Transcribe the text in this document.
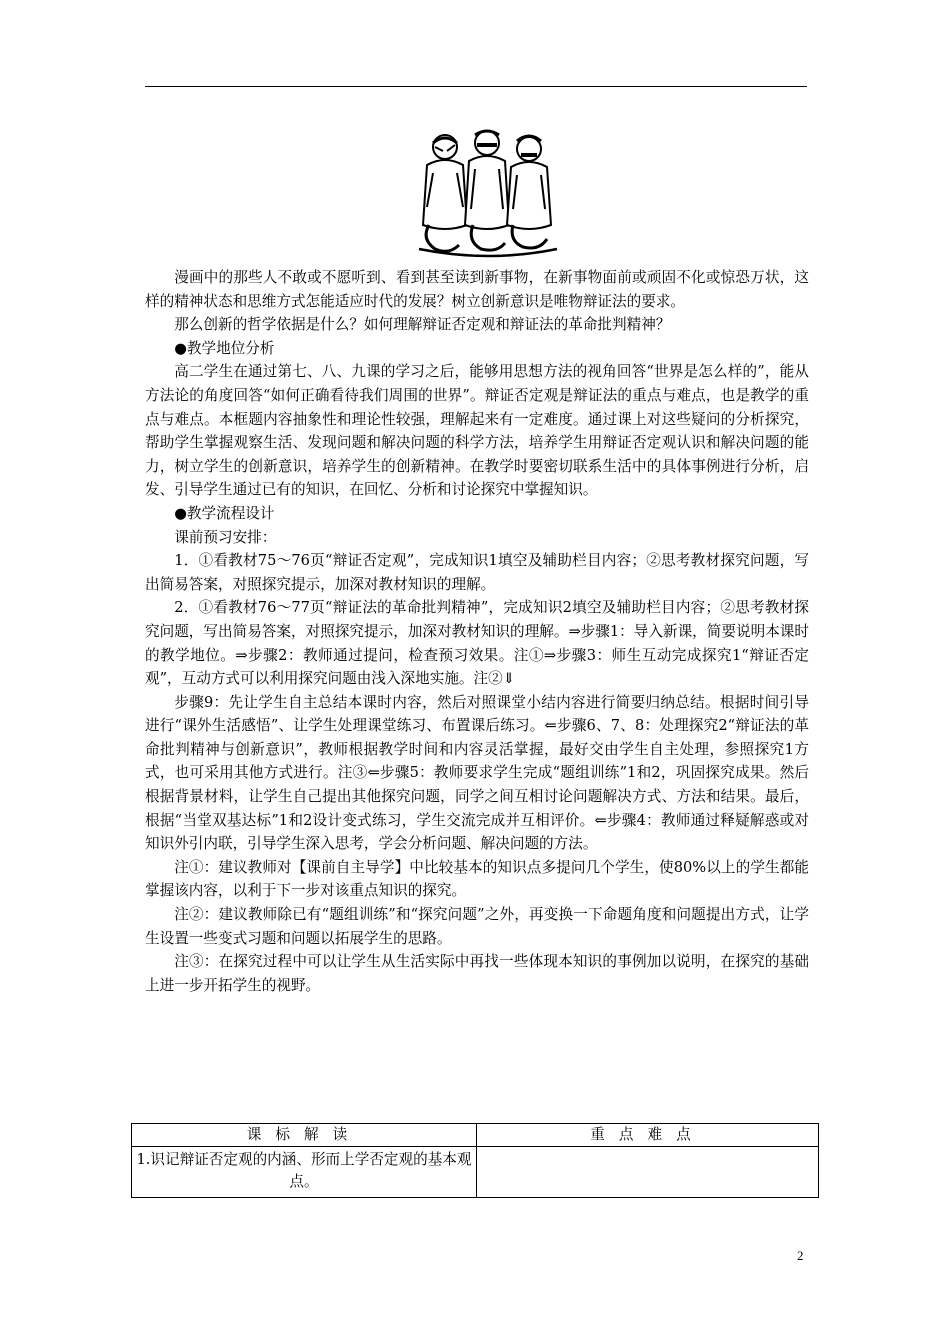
漫画中的那些人不敢或不愿听到、看到甚至读到新事物，在新事物面前或顽固不化或惊恐万状，这样的精神状态和思维方式怎能适应时代的发展？树立创新意识是唯物辩证法的要求。

那么创新的哲学依据是什么？如何理解辩证否定观和辩证法的革命批判精神？

●教学地位分析

高二学生在通过第七、八、九课的学习之后，能够用思想方法的视角回答“世界是怎么样的”，能从方法论的角度回答“如何正确看待我们周围的世界”。辩证否定观是辩证法的重点与难点，也是教学的重点与难点。本框题内容抽象性和理论性较强，理解起来有一定难度。通过课上对这些疑问的分析探究，帮助学生掌握观察生活、发现问题和解决问题的科学方法，培养学生用辩证否定观认识和解决问题的能力，树立学生的创新意识，培养学生的创新精神。在教学时要密切联系生活中的具体事例进行分析，启发、引导学生通过已有的知识，在回忆、分析和讨论探究中掌握知识。

●教学流程设计

课前预习安排：

1．①看教材75～76页“辩证否定观”，完成知识1填空及辅助栏目内容；②思考教材探究问题，写出简易答案，对照探究提示，加深对教材知识的理解。

2．①看教材76～77页“辩证法的革命批判精神”，完成知识2填空及辅助栏目内容；②思考教材探究问题，写出简易答案，对照探究提示，加深对教材知识的理解。⇒步骤1：导入新课，简要说明本课时的教学地位。⇒步骤2：教师通过提问，检查预习效果。注①⇒步骤3：师生互动完成探究1“辩证否定观”，互动方式可以利用探究问题由浅入深地实施。注②⇓

步骤9：先让学生自主总结本课时内容，然后对照课堂小结内容进行简要归纳总结。根据时间引导进行“课外生活感悟”、让学生处理课堂练习、布置课后练习。⇐步骤6、7、8：处理探究2“辩证法的革命批判精神与创新意识”，教师根据教学时间和内容灵活掌握，最好交由学生自主处理，参照探究1方式，也可采用其他方式进行。注③⇐步骤5：教师要求学生完成“题组训练”1和2，巩固探究成果。然后根据背景材料，让学生自己提出其他探究问题，同学之间互相讨论问题解决方式、方法和结果。最后，根据“当堂双基达标”1和2设计变式练习，学生交流完成并互相评价。⇐步骤4：教师通过释疑解惑或对知识外引内联，引导学生深入思考，学会分析问题、解决问题的方法。

注①：建议教师对【课前自主导学】中比较基本的知识点多提问几个学生，使80%以上的学生都能掌握该内容，以利于下一步对该重点知识的探究。

注②：建议教师除已有“题组训练”和“探究问题”之外，再变换一下命题角度和问题提出方式，让学生设置一些变式习题和问题以拓展学生的思路。

注③：在探究过程中可以让学生从生活实际中再找一些体现本知识的事例加以说明，在探究的基础上进一步开拓学生的视野。

课标解读	重点难点
1.识记辩证否定观的内涵、形而上学否定观的基本观点。	
2
